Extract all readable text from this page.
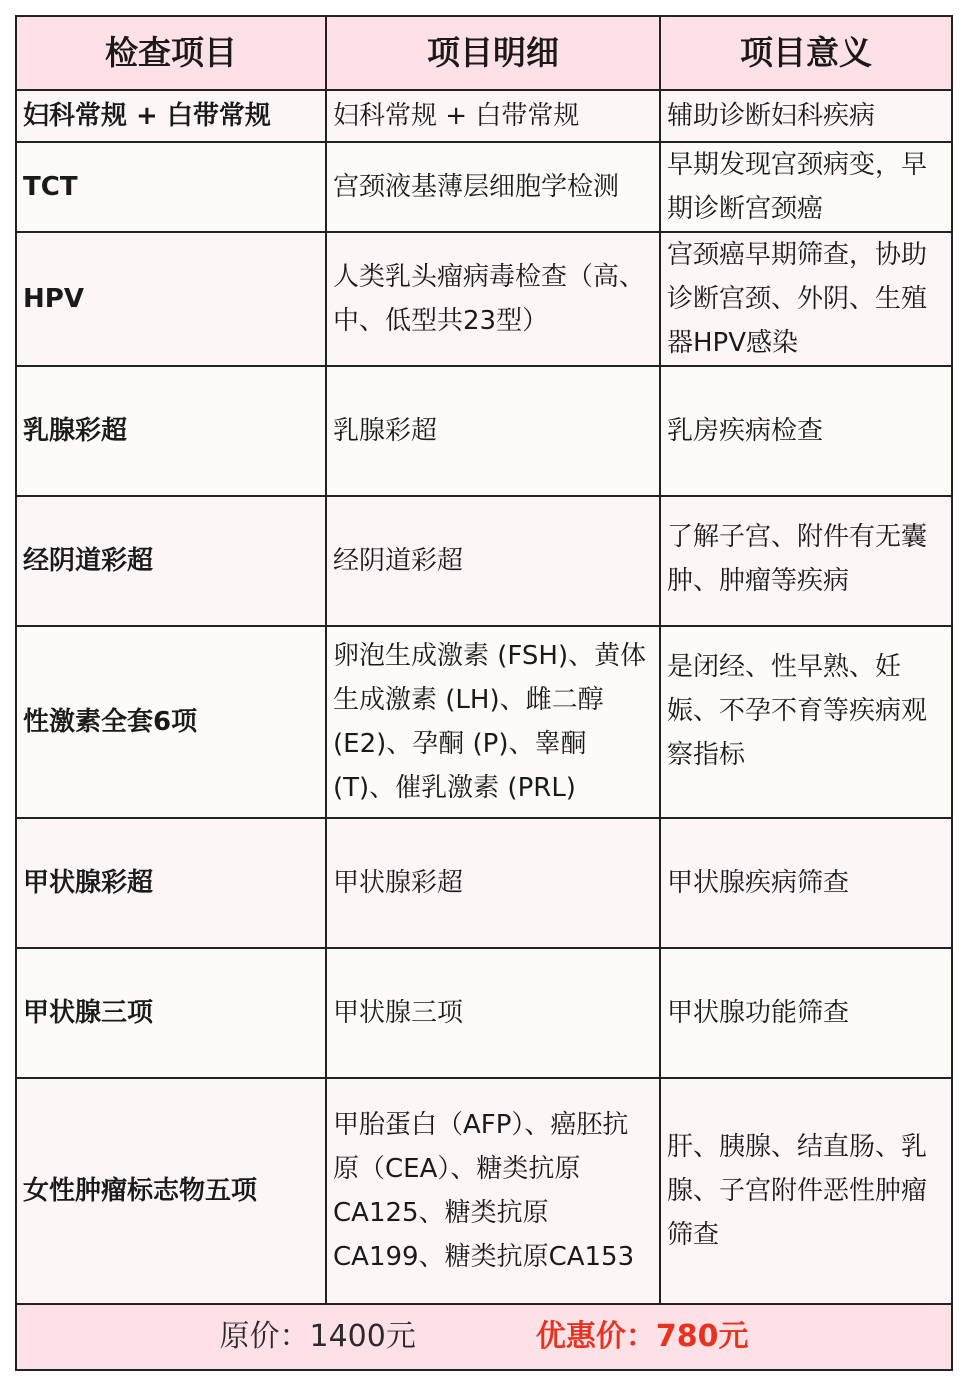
检查项目	项目明细	项目意义
妇科常规 + 白带常规	妇科常规 + 白带常规	辅助诊断妇科疾病
TCT	宫颈液基薄层细胞学检测	早期发现宫颈病变，早期诊断宫颈癌
HPV	人类乳头瘤病毒检查（高、中、低型共23型）	宫颈癌早期筛查，协助诊断宫颈、外阴、生殖器HPV感染
乳腺彩超	乳腺彩超	乳房疾病检查
经阴道彩超	经阴道彩超	了解子宫、附件有无囊肿、肿瘤等疾病
性激素全套6项	卵泡生成激素 (FSH)、黄体生成激素 (LH)、雌二醇 (E2)、孕酮 (P)、睾酮 (T)、催乳激素 (PRL)	是闭经、性早熟、妊娠、不孕不育等疾病观察指标
甲状腺彩超	甲状腺彩超	甲状腺疾病筛查
甲状腺三项	甲状腺三项	甲状腺功能筛查
女性肿瘤标志物五项	甲胎蛋白（AFP）、癌胚抗原（CEA）、糖类抗原CA125、糖类抗原CA199、糖类抗原CA153	肝、胰腺、结直肠、乳腺、子宫附件恶性肿瘤筛查
原价：1400元 优惠价：780元		
